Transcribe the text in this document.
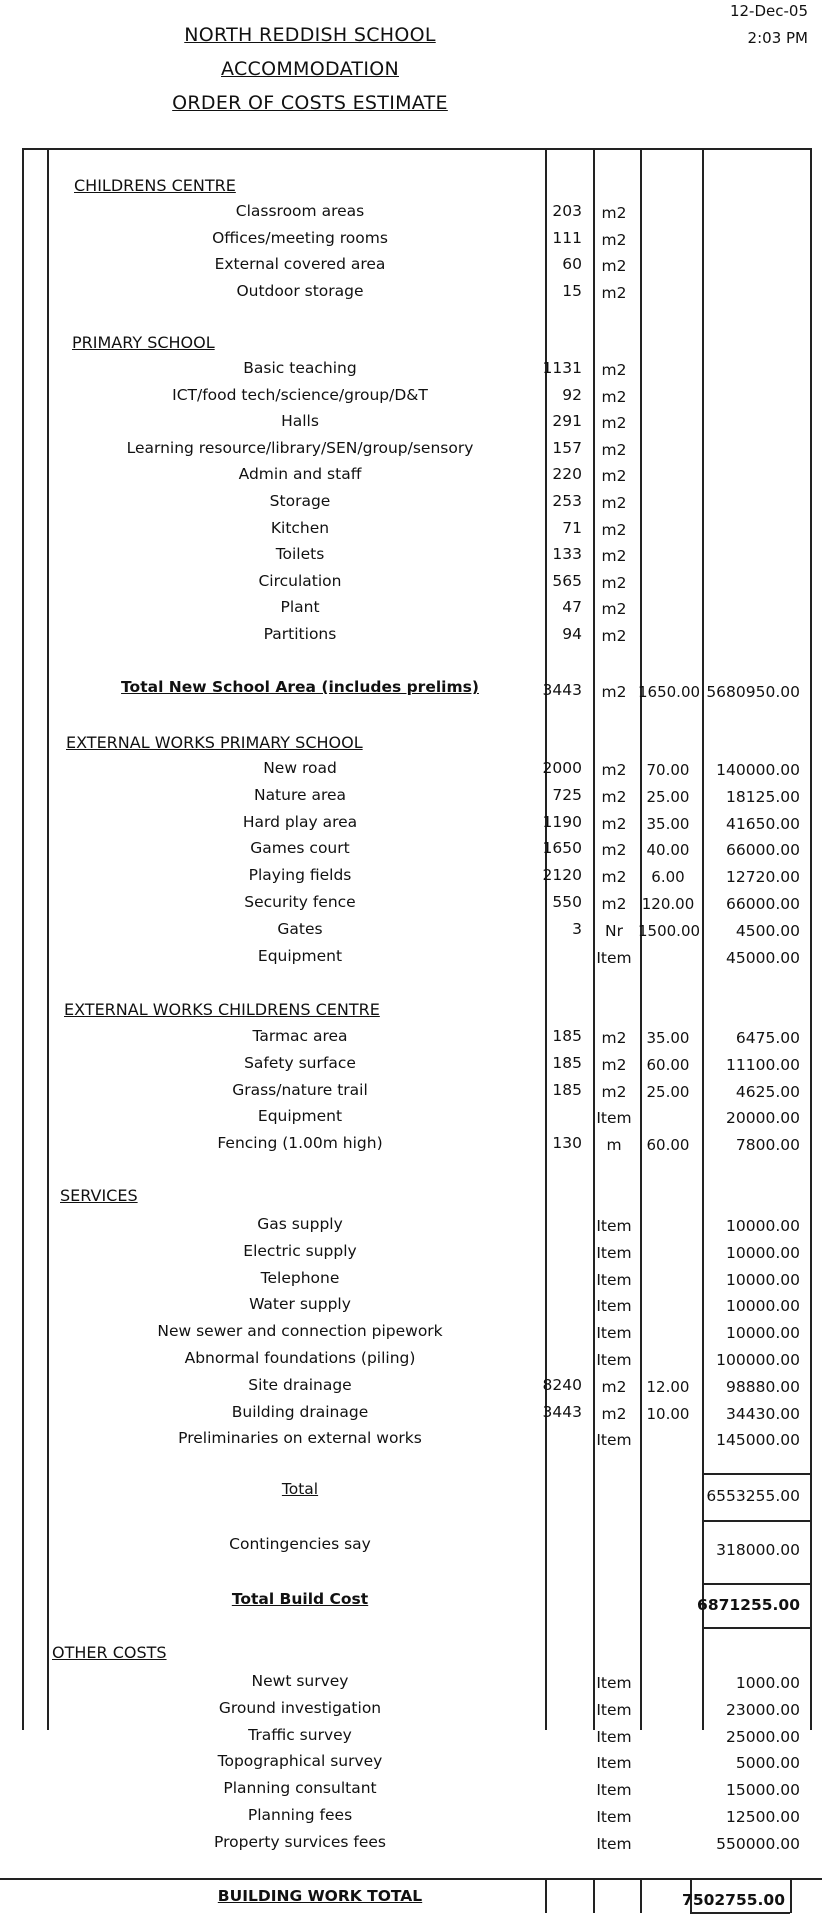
12-Dec-05
2:03 PM
NORTH REDDISH SCHOOL
ACCOMMODATION
ORDER OF COSTS ESTIMATE
CHILDRENS CENTRE
Classroom areas	203	m2
Offices/meeting rooms	111	m2
External covered area	60	m2
Outdoor storage	15	m2
PRIMARY SCHOOL
Basic teaching	1131	m2
ICT/food tech/science/group/D&T	92	m2
Halls	291	m2
Learning resource/library/SEN/group/sensory	157	m2
Admin and staff	220	m2
Storage	253	m2
Kitchen	71	m2
Toilets	133	m2
Circulation	565	m2
Plant	47	m2
Partitions	94	m2
Total New School Area (includes prelims)	3443	m2 1650.00 5680950.00
EXTERNAL WORKS PRIMARY SCHOOL
New road	2000	m2	70.00	140000.00
Nature area	725	m2	25.00	18125.00
Hard play area	1190	m2	35.00	41650.00
Games court	1650	m2	40.00	66000.00
Playing fields	2120	m2	6.00	12720.00
Security fence	550	m2	120.00	66000.00
Gates	3	Nr	1500.00	4500.00
Equipment	Item	45000.00
EXTERNAL WORKS CHILDRENS CENTRE
Tarmac area	185	m2	35.00	6475.00
Safety surface	185	m2	60.00	11100.00
Grass/nature trail	185	m2	25.00	4625.00
Equipment	Item	20000.00
Fencing (1.00m high)	130	m	60.00	7800.00
SERVICES
Gas supply	Item	10000.00
Electric supply	Item	10000.00
Telephone	Item	10000.00
Water supply	Item	10000.00
New sewer and connection pipework	Item	10000.00
Abnormal foundations (piling)	Item	100000.00
Site drainage	8240	m2	12.00	98880.00
Building drainage	3443	m2	10.00	34430.00
Preliminaries on external works	Item	145000.00
Total	6553255.00
Contingencies say	318000.00
Total Build Cost	6871255.00
OTHER COSTS
Newt survey	Item	1000.00
Ground investigation	Item	23000.00
Traffic survey	Item	25000.00
Topographical survey	Item	5000.00
Planning consultant	Item	15000.00
Planning fees	Item	12500.00
Property survices fees	Item	550000.00
BUILDING WORK TOTAL	7502755.00
